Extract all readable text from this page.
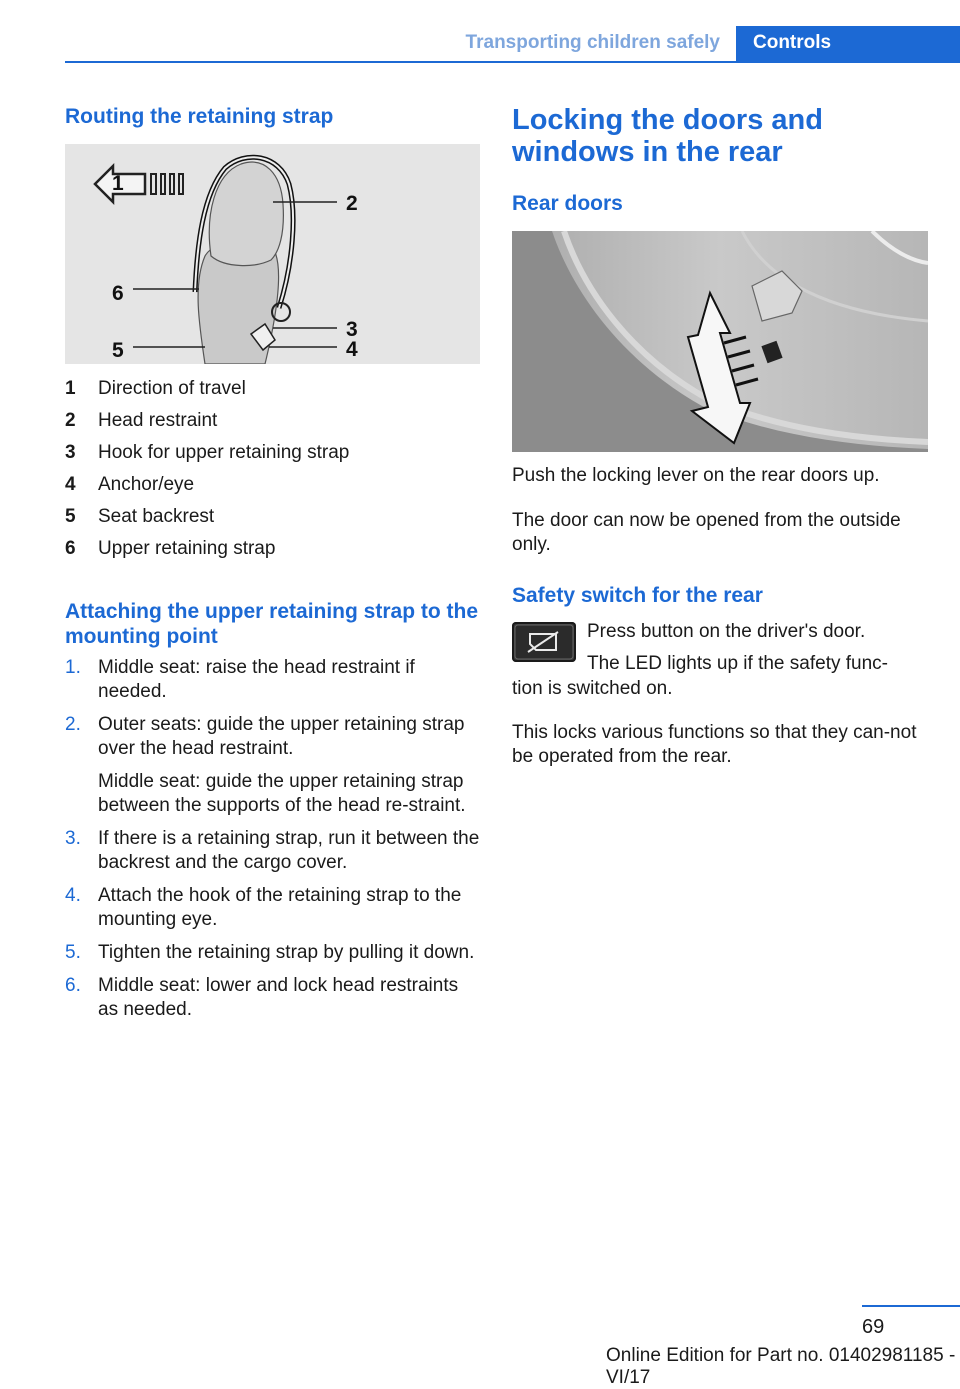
Transporting children safely	Controls
Routing the retaining strap
1
2
3
4
5
6
1 Direction of travel
2 Head restraint
3 Hook for upper retaining strap
4 Anchor/eye
5 Seat backrest
6 Upper retaining strap
Attaching the upper retaining strap to the mounting point
1. Middle seat: raise the head restraint if needed.

2. Outer seats: guide the upper retaining strap over the head restraint.

Middle seat: guide the upper retaining strap between the supports of the head re‐straint.

3. If there is a retaining strap, run it between the backrest and the cargo cover.

4. Attach the hook of the retaining strap to the mounting eye.

5. Tighten the retaining strap by pulling it down.

6. Middle seat: lower and lock head restraints as needed.

Locking the doors and windows in the rear
Rear doors

Push the locking lever on the rear doors up.

The door can now be opened from the outside only.

Safety switch for the rear

Press button on the driver's door.

The LED lights up if the safety func‐

tion is switched on.

This locks various functions so that they can‐not be operated from the rear.

69
Online Edition for Part no. 01402981185 - VI/17
